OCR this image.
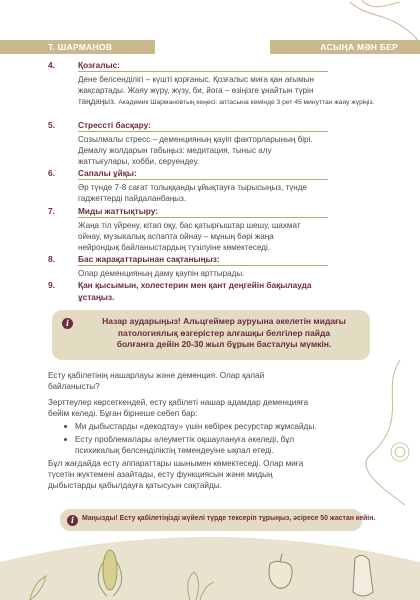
Т. ШАРМАНОВ	АСЫҢА МӘН БЕР
4.	Қозғалыс:
Дене белсенділігі – күшті қорғаныс. Қозғалыс миға қан ағымын
жақсартады. Жаяу жүру, жүзу, би, йога – өзіңізге ұнайтын түрін
таңдаңыз. Академик Шармановтың кеңесі: аптасына кемінде 3 рет 45 минуттан жаяу жүріңіз.
5.	Стрессті басқару:
Созылмалы стресс – деменцияның қауіп факторларының бірі.
Демалу жолдарын табыңыз: медитация, тыныс алу
жаттығулары, хобби, серуендеу.
6.	Сапалы ұйқы:
Әр түнде 7-8 сағат толыққанды ұйықтауға тырысыңыз, түнде
гаджеттерді пайдаланбаңыз.
7.	Миды жаттықтыру:
Жаңа тіл үйрену, кітап оқу, бас қатырғыштар шешу, шахмат
ойнау, музыкалық аспапта ойнау – мұның бәрі жаңа
нейрондық байланыстардың түзілуіне көмектеседі.
8.	Бас жарақаттарынан сақтаныңыз:
Олар деменцияның даму қаупін арттырады.
9.	Қан қысымын, холестерин мен қант деңгейін бақылауда
ұстаңыз.
i	Назар аударыңыз! Альцгеймер ауруына әкелетін мидағы
патологиялық өзгерістер алғашқы белгілер пайда
болғанға дейін 20-30 жыл бұрын басталуы мүмкін.
Есту қабілетінің нашарлауы және деменция. Олар қалай
байланысты?
Зерттеулер көрсеткендей, есту қабілеті нашар адамдар деменцияға
бейім келеді. Бұған бірнеше себеп бар:
Ми дыбыстарды «декодтау» үшін көбірек ресурстар жұмсайды.
Есту проблемалары әлеуметтік оқшаулануға әкеледі, бұл
психикалық белсенділіктің төмендеуіне ықпал етеді.
Бұл жағдайда есту аппараттары шынымен көмектеседі. Олар миға
түсетін жүктемені азайтады, есту функциясын және мидың
дыбыстарды қабылдауға қатысуын сақтайды.
i	Маңызды! Есту қабілетіңізді жүйелі түрде тексеріп тұрыңыз, әсіресе 50 жастан кейін.
